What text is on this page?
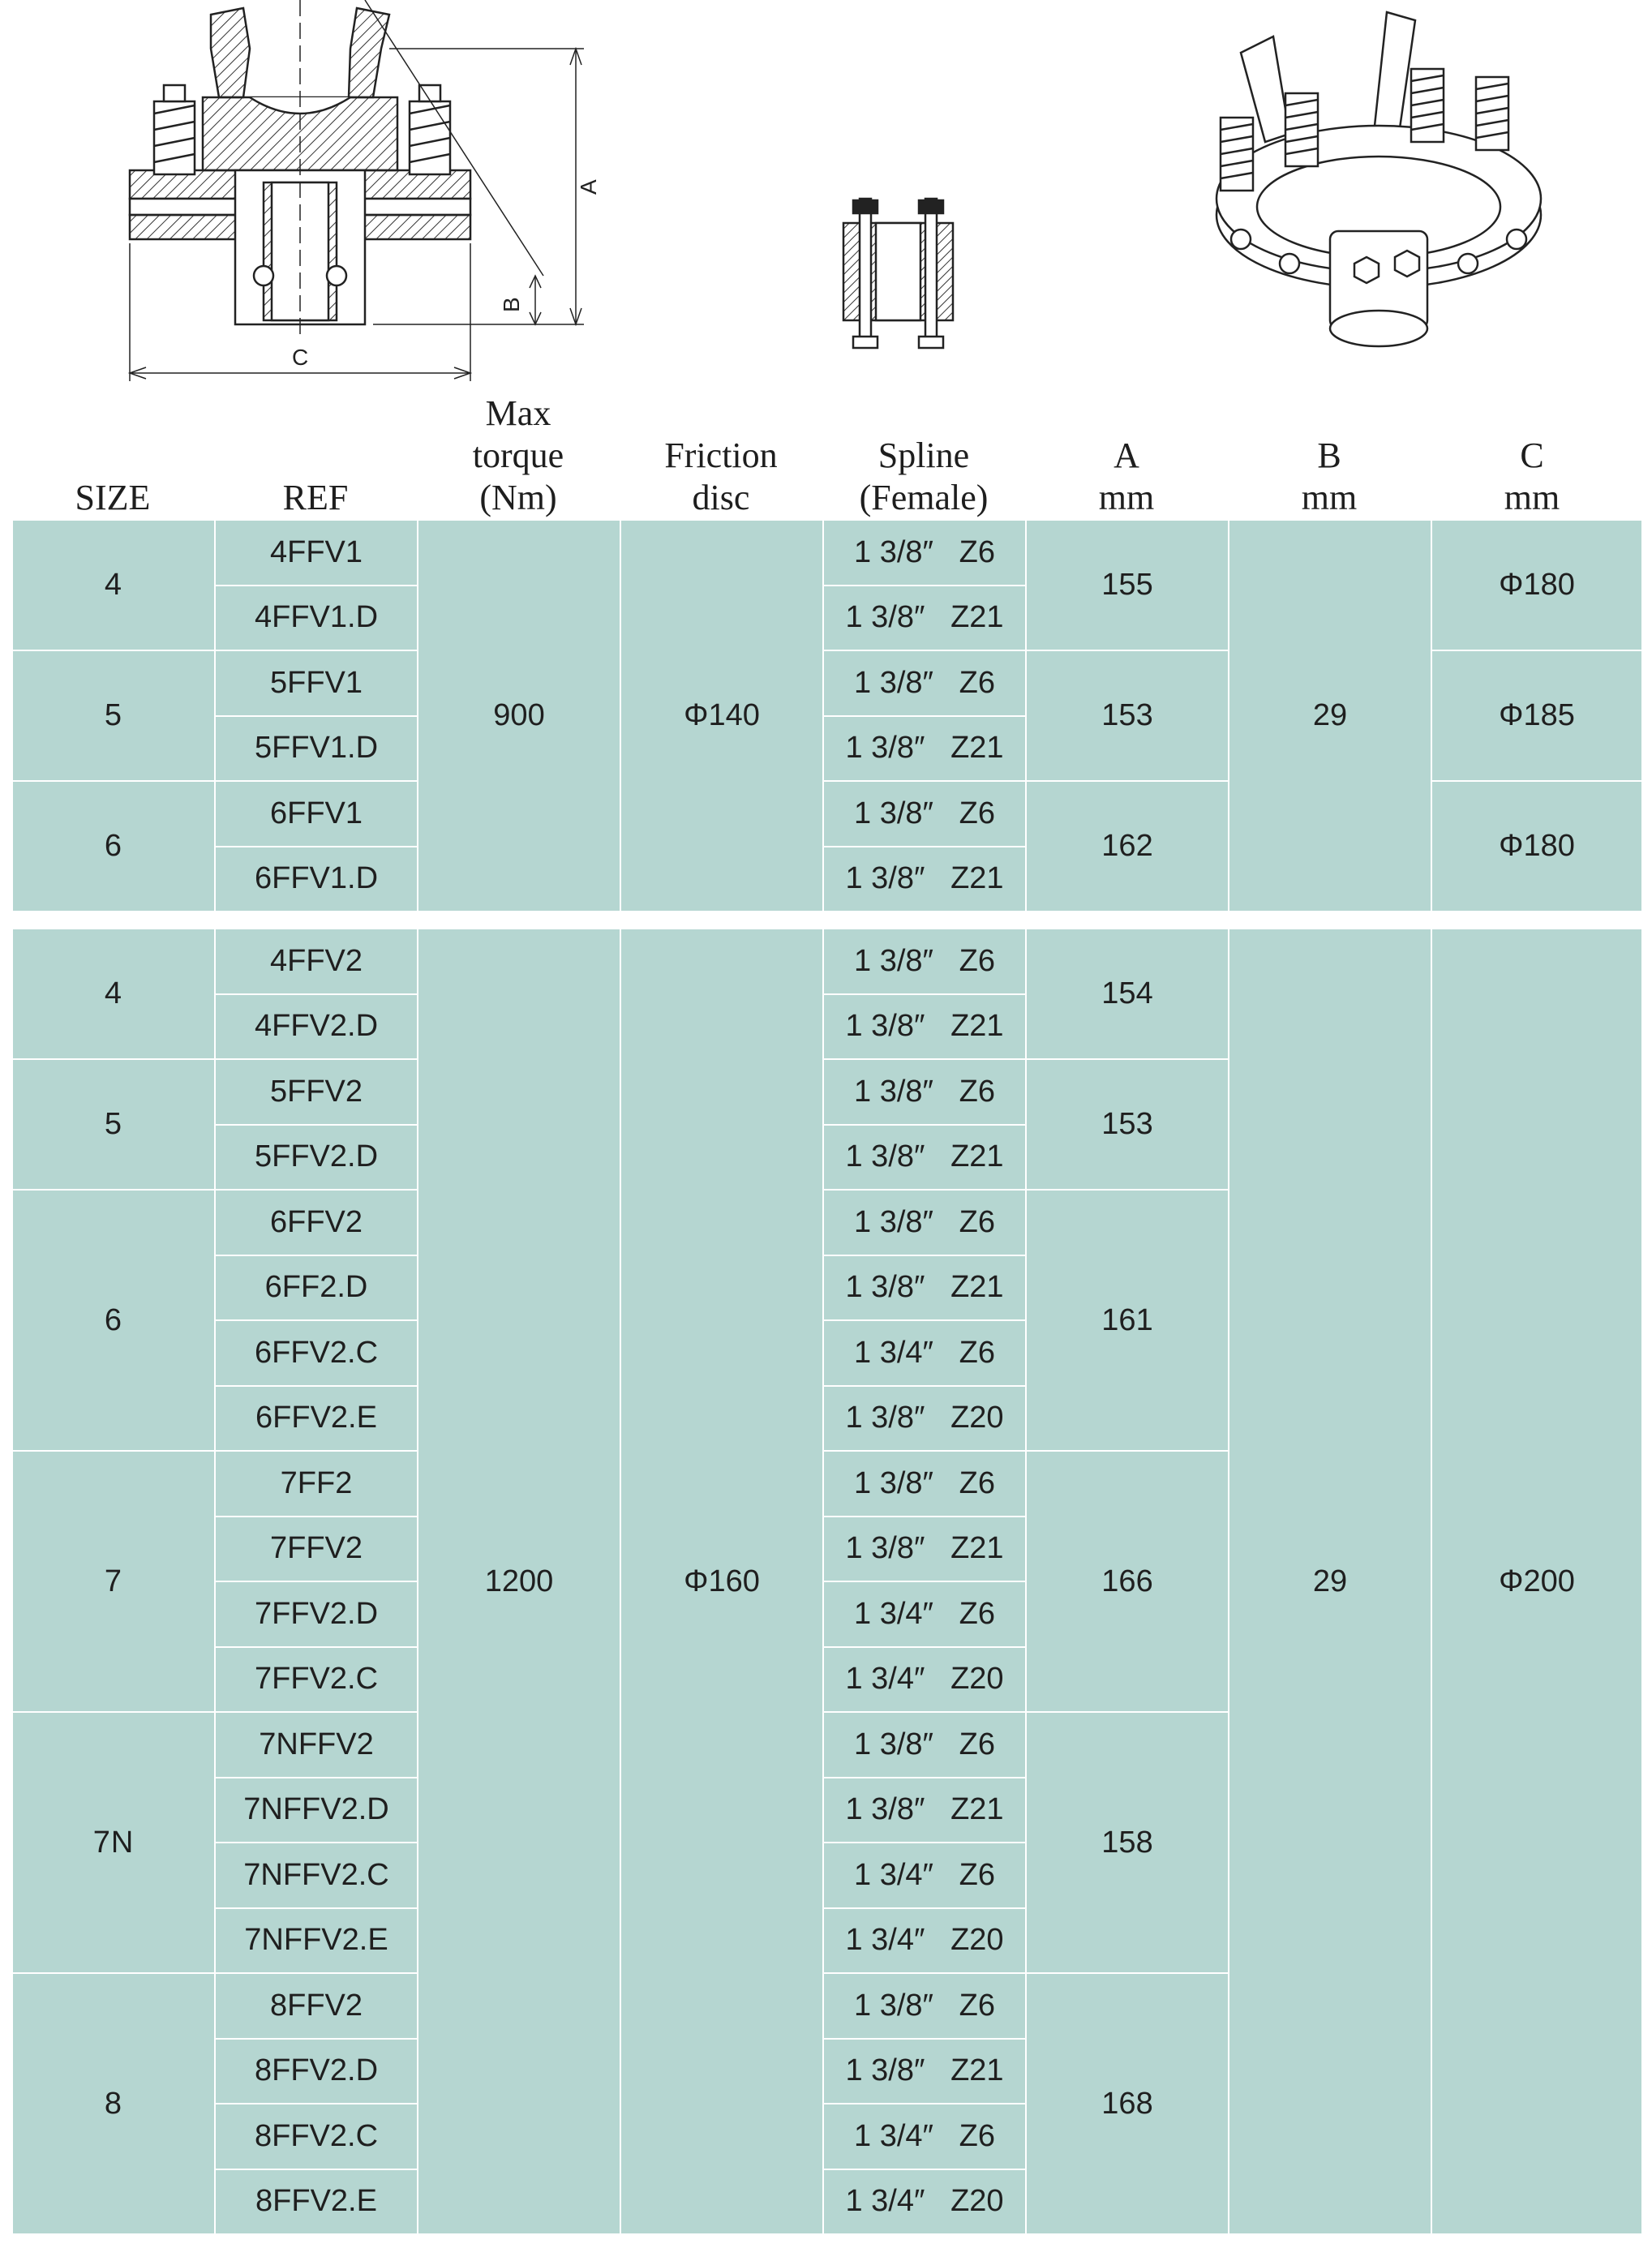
A
B
C
SIZE	REF
Max
torque
(Nm)
Friction
disc
Spline
(Female)
A
mm
B
mm
C
mm
4	4FFV1	900	Φ140	1 3/8″   Z6	155	29	Φ180
	4FFV1.D			1 3/8″   Z21			
5	5FFV1			1 3/8″   Z6	153		Φ185
	5FFV1.D			1 3/8″   Z21			
6	6FFV1			1 3/8″   Z6	162		Φ180
	6FFV1.D			1 3/8″   Z21			
4	4FFV2	1200	Φ160	1 3/8″   Z6	154	29	Φ200
	4FFV2.D			1 3/8″   Z21			
5	5FFV2			1 3/8″   Z6	153		
	5FFV2.D			1 3/8″   Z21			
6	6FFV2			1 3/8″   Z6	161		
	6FF2.D			1 3/8″   Z21			
	6FFV2.C			1 3/4″   Z6			
	6FFV2.E			1 3/8″   Z20			
7	7FF2			1 3/8″   Z6	166		
	7FFV2			1 3/8″   Z21			
	7FFV2.D			1 3/4″   Z6			
	7FFV2.C			1 3/4″   Z20			
7N	7NFFV2			1 3/8″   Z6	158		
	7NFFV2.D			1 3/8″   Z21			
	7NFFV2.C			1 3/4″   Z6			
	7NFFV2.E			1 3/4″   Z20			
8	8FFV2			1 3/8″   Z6	168		
	8FFV2.D			1 3/8″   Z21			
	8FFV2.C			1 3/4″   Z6			
	8FFV2.E			1 3/4″   Z20			
